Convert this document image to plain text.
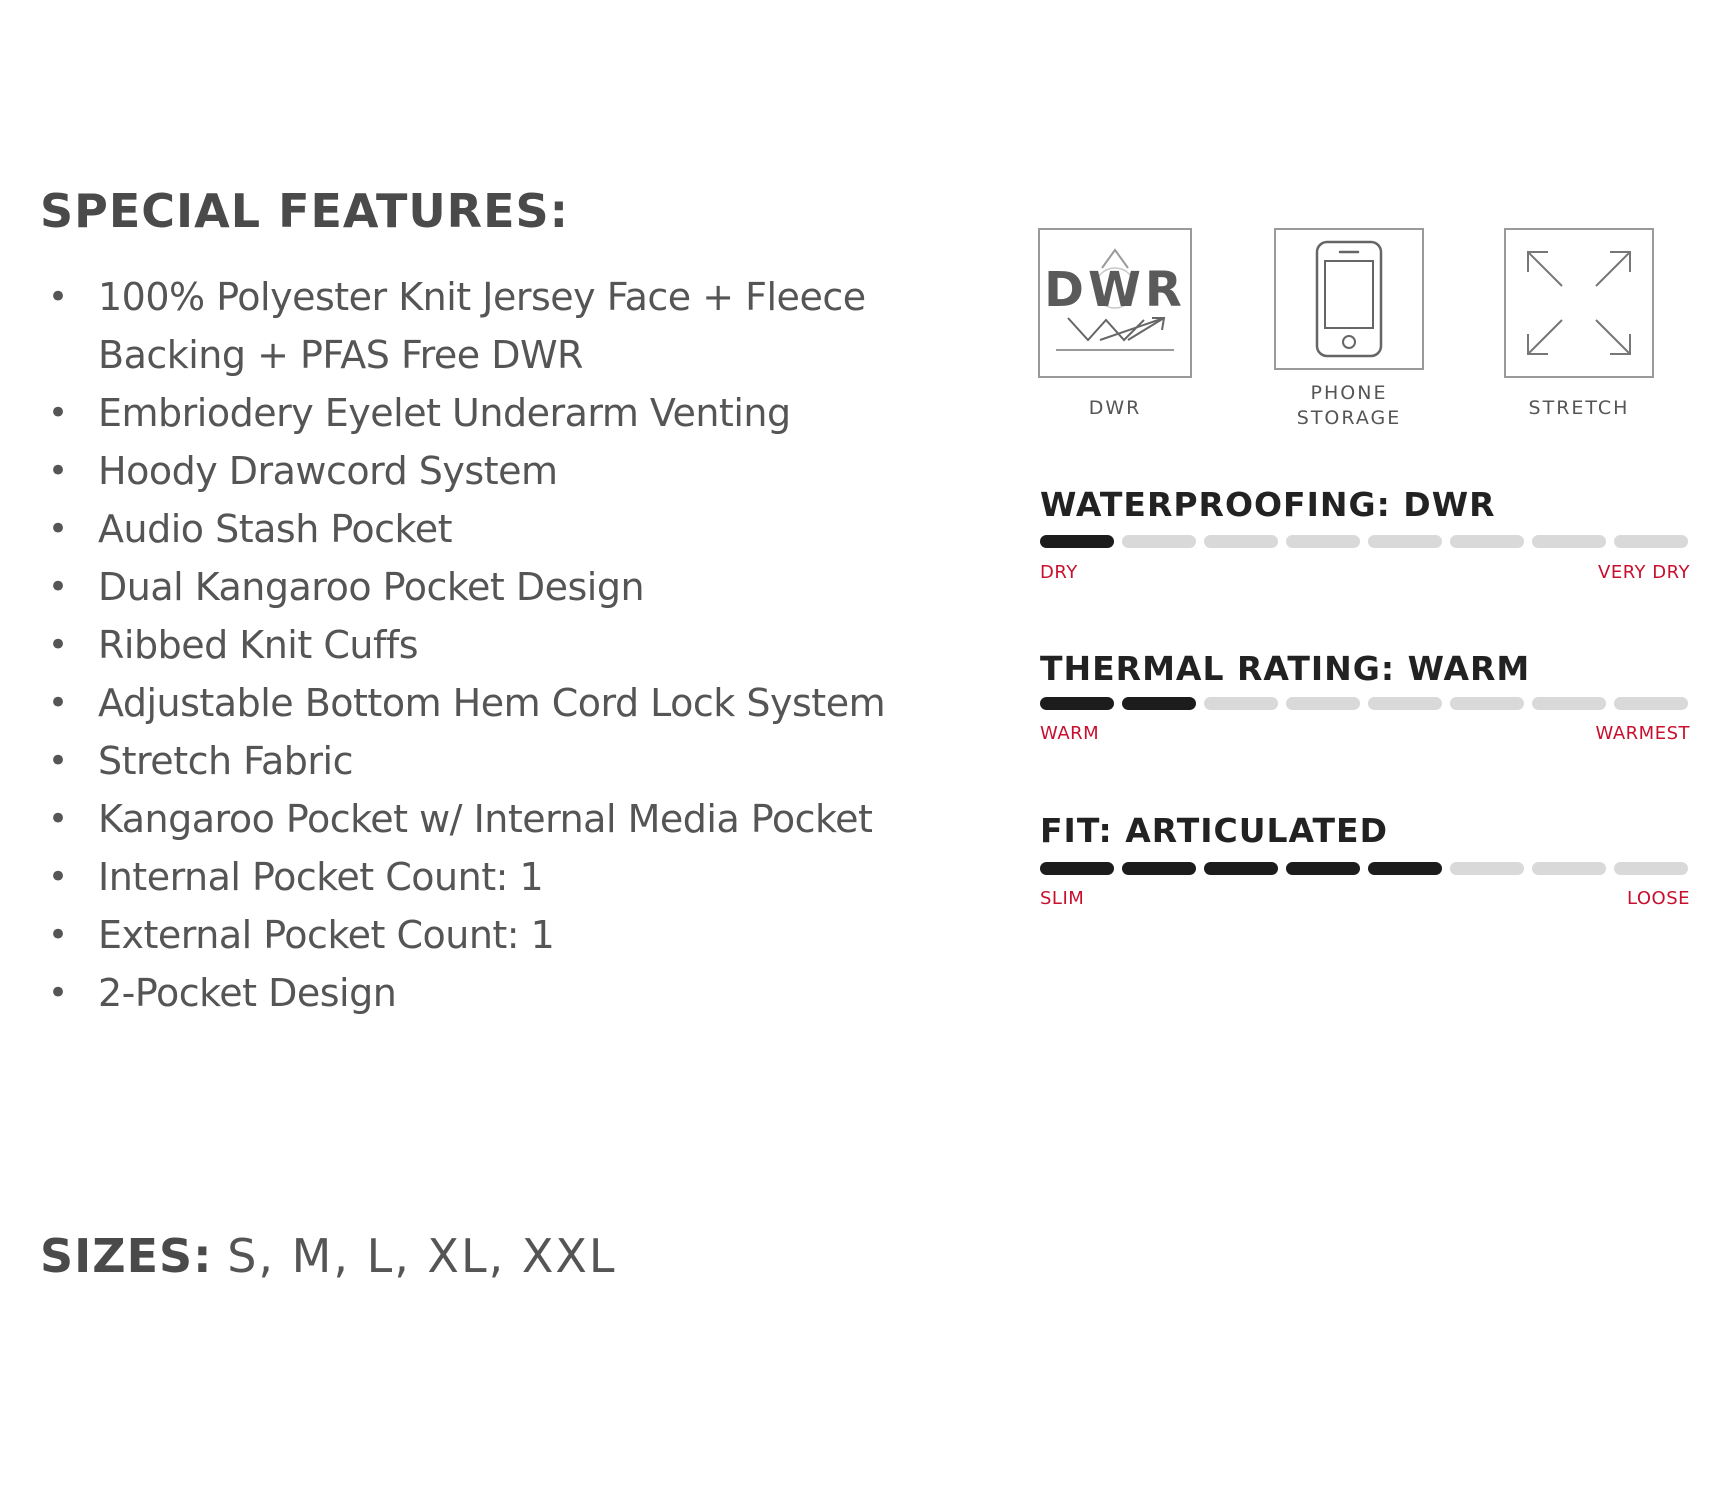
SPECIAL FEATURES:
• 100% Polyester Knit Jersey Face + Fleece Backing + PFAS Free DWR
• Embriodery Eyelet Underarm Venting
• Hoody Drawcord System
• Audio Stash Pocket
• Dual Kangaroo Pocket Design
• Ribbed Knit Cuffs
• Adjustable Bottom Hem Cord Lock System
• Stretch Fabric
• Kangaroo Pocket w/ Internal Media Pocket
• Internal Pocket Count: 1
• External Pocket Count: 1
• 2-Pocket Design

SIZES: S, M, L, XL, XXL

DWR
DWR
PHONE
STORAGE	STRETCH
WATERPROOFING: DWR
DRY	VERY DRY
THERMAL RATING: WARM
WARM	WARMEST
FIT: ARTICULATED
SLIM	LOOSE
